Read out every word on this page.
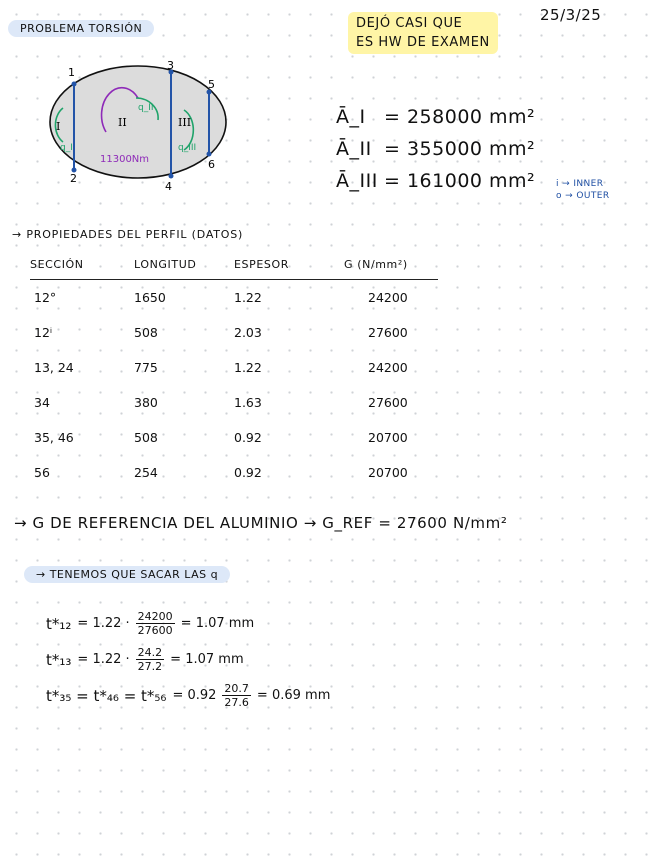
PROBLEMA TORSIÓN	DEJÓ CASI QUE
ES HW DE EXAMEN
25/3/25
1
2
3
4
5
6
I
q_I
II
q_II
11300Nm
III
q_III
Ā_I = 258000 mm²
Ā_II = 355000 mm²
Ā_III = 161000 mm² i → INNER
o → OUTER
→ PROPIEDADES DEL PERFIL (DATOS)
SECCIÓN	LONGITUD	ESPESOR	G (N/mm²)
12°	1650	1.22	24200
12ⁱ	508	2.03	27600
13, 24	775	1.22	24200
34	380	1.63	27600
35, 46	508	0.92	20700
56	254	0.92	20700
→ G DE REFERENCIA DEL ALUMINIO → G_REF = 27600 N/mm²
→ TENEMOS QUE SACAR LAS q
$t*_{12} = 1.22 \cdot \frac{24200}{27600} = 1.07$ mm
$t*_{13} = 1.22 \cdot \frac{24.2}{27.2} = 1.07$ mm
$t*_{35} = t*_{46} = t*_{56} = 0.92 \frac{20.7}{27.6} = 0.69$ mm
